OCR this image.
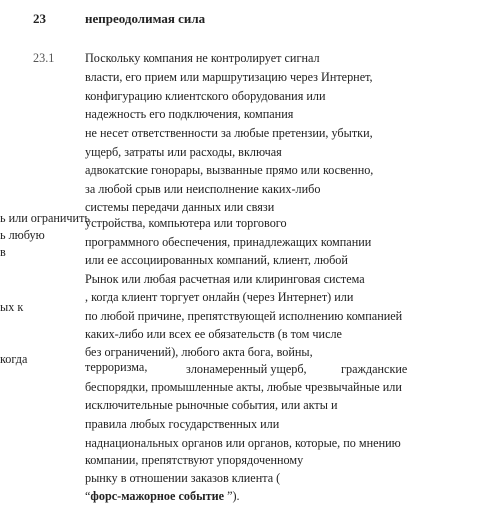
23	непреодолимая сила
23.1	Поскольку компания не контролирует сигнал
власти, его прием или маршрутизацию через Интернет,
конфигурацию клиентского оборудования или
надежность его подключения, компания
не несет ответственности за любые претензии, убытки,
ущерб, затраты или расходы, включая
адвокатские гонорары, вызванные прямо или косвенно,
за любой срыв или неисполнение каких-либо
системы передачи данных или связи
устройства, компьютера или торгового
программного обеспечения, принадлежащих компании
или ее ассоциированных компаний, клиент, любой
Рынок или любая расчетная или клиринговая система
, когда клиент торгует онлайн (через Интернет) или
по любой причине, препятствующей исполнению компанией
каких-либо или всех ее обязательств (в том числе
без ограничений), любого акта бога, войны,
терроризма,	злонамеренный ущерб,	гражданские
беспорядки, промышленные акты, любые чрезвычайные или
исключительные рыночные события, или акты и
правила любых государственных или
наднациональных органов или органов, которые, по мнению
компании, препятствуют упорядоченному
рынку в отношении заказов клиента (
“форс-мажорное событие ”).
ь или ограничить
ь любую
в
ых к
когда
